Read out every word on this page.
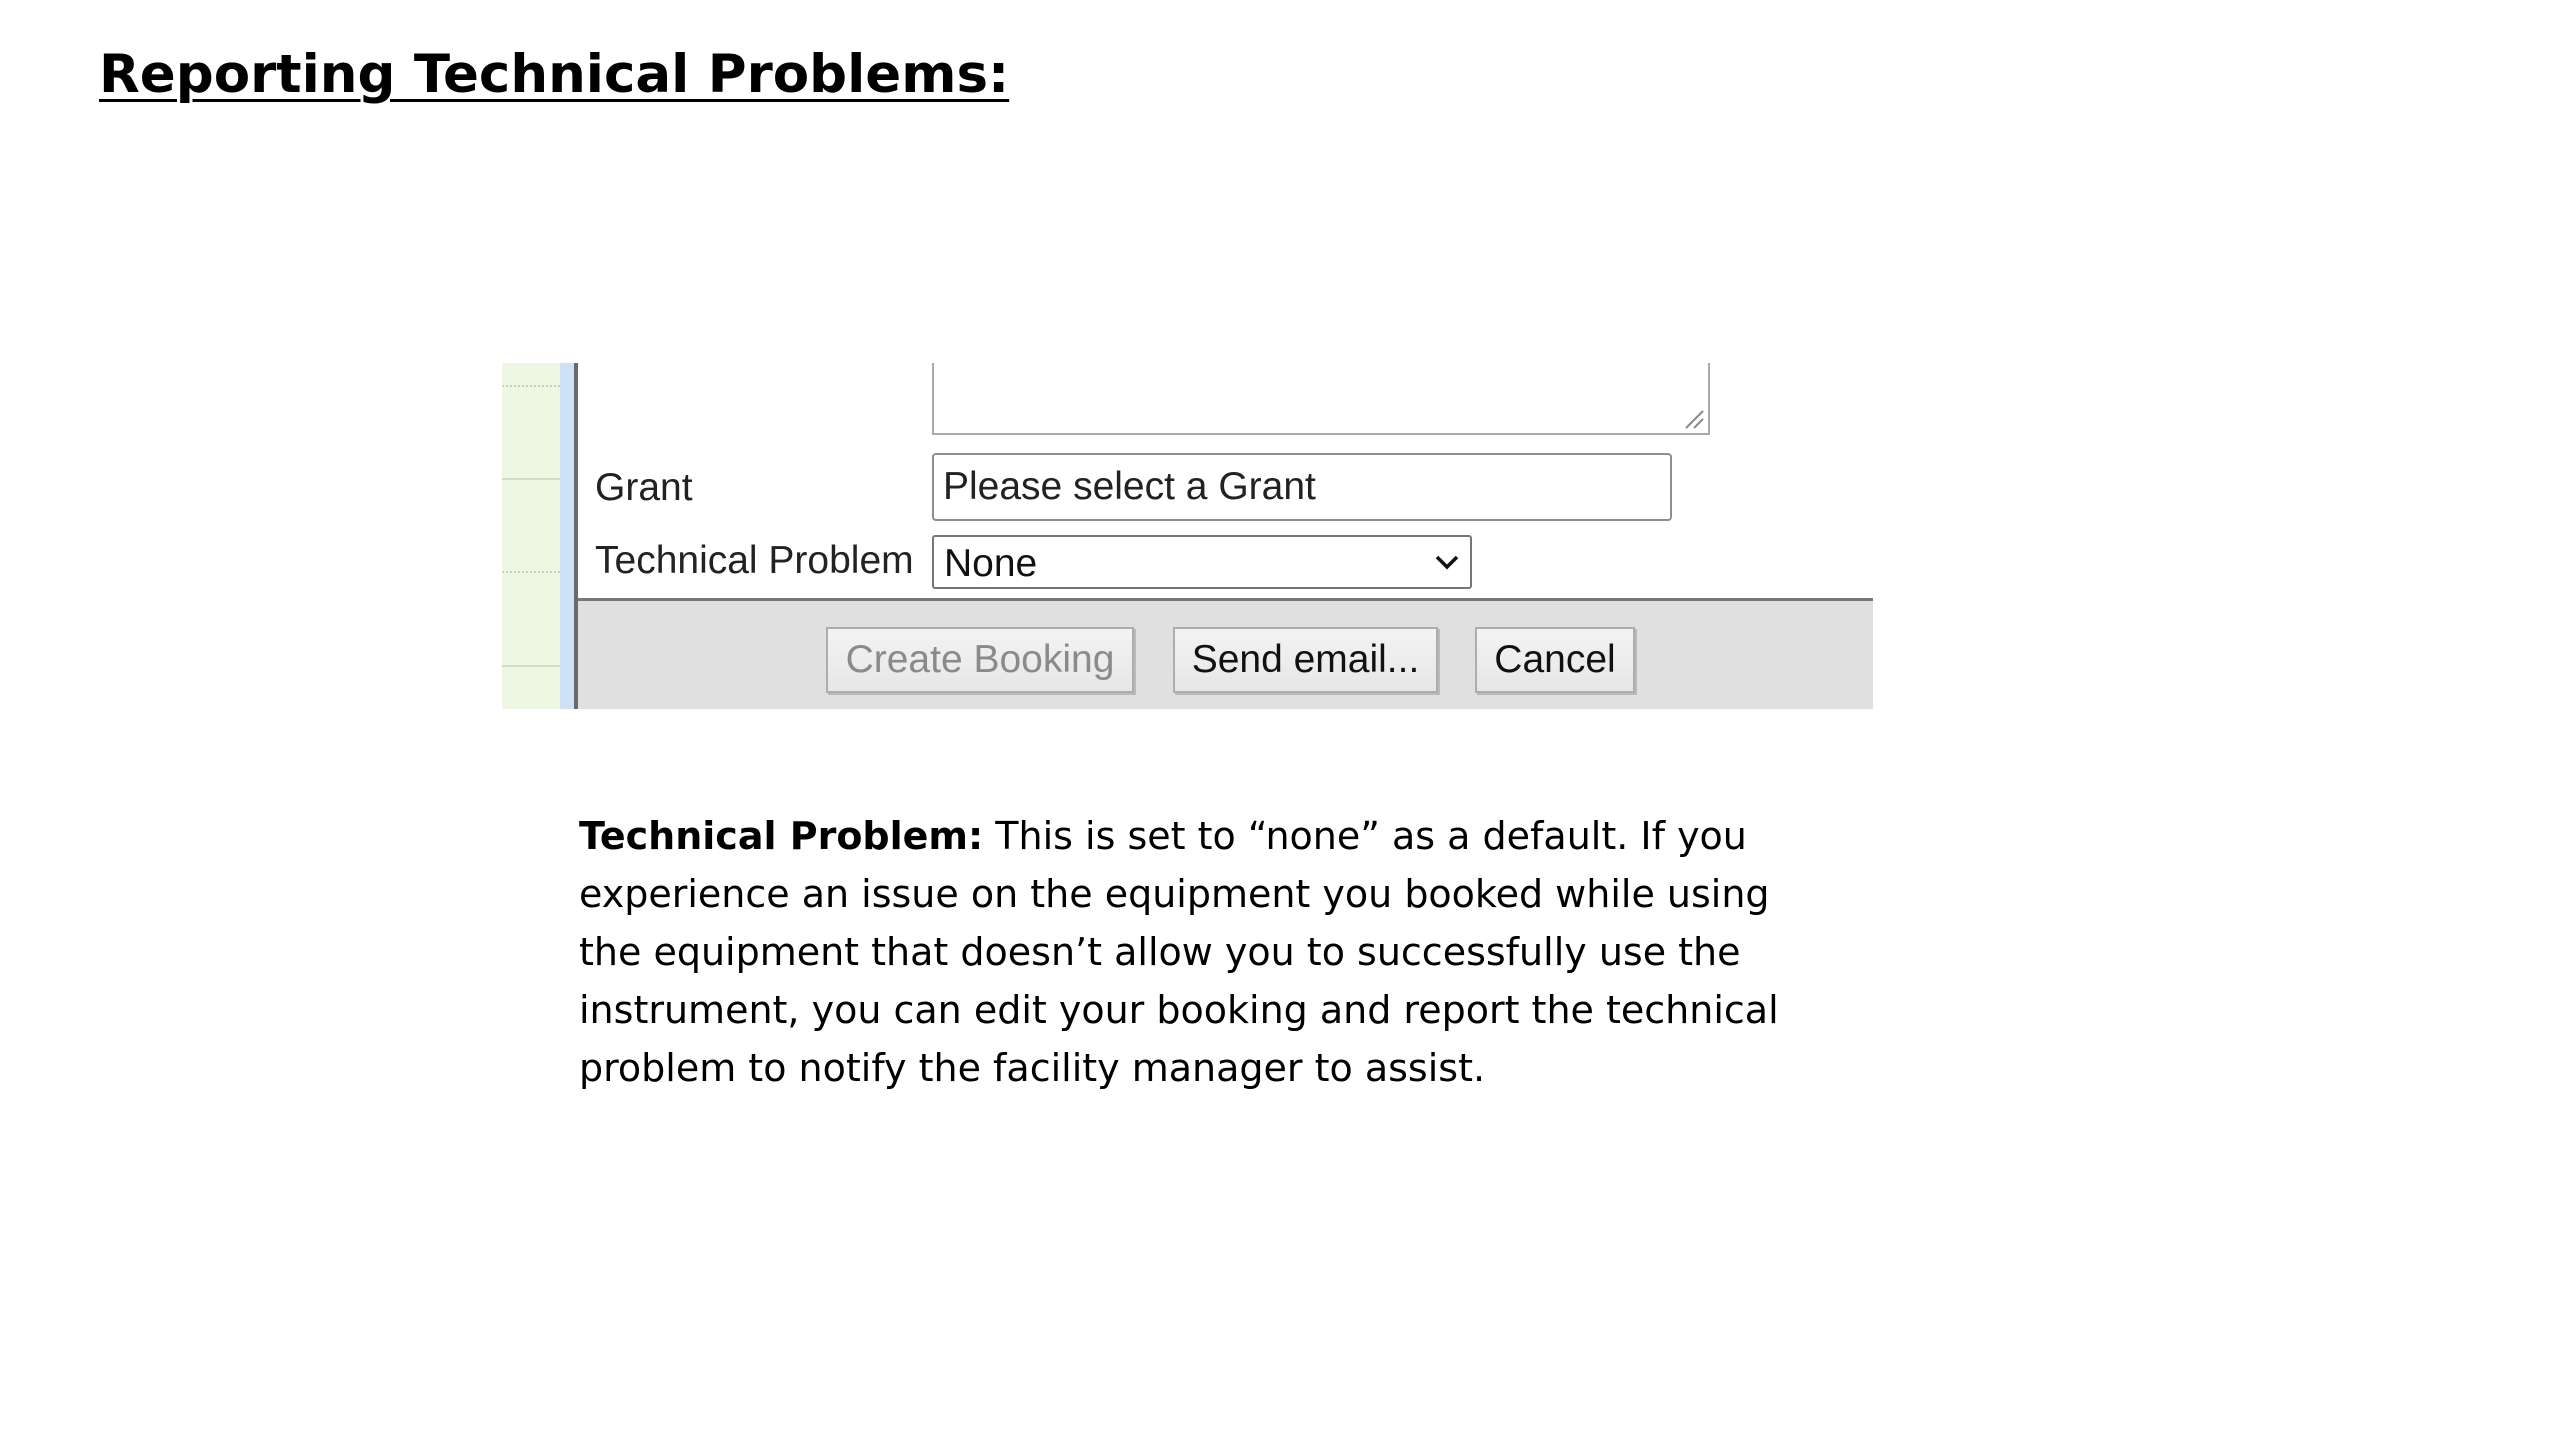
Reporting Technical Problems:
Grant
Please select a Grant
Technical Problem None
Create Booking	Send email...	Cancel

Technical Problem: This is set to “none” as a default. If you experience an issue on the equipment you booked while using the equipment that doesn’t allow you to successfully use the instrument, you can edit your booking and report the technical problem to notify the facility manager to assist.
